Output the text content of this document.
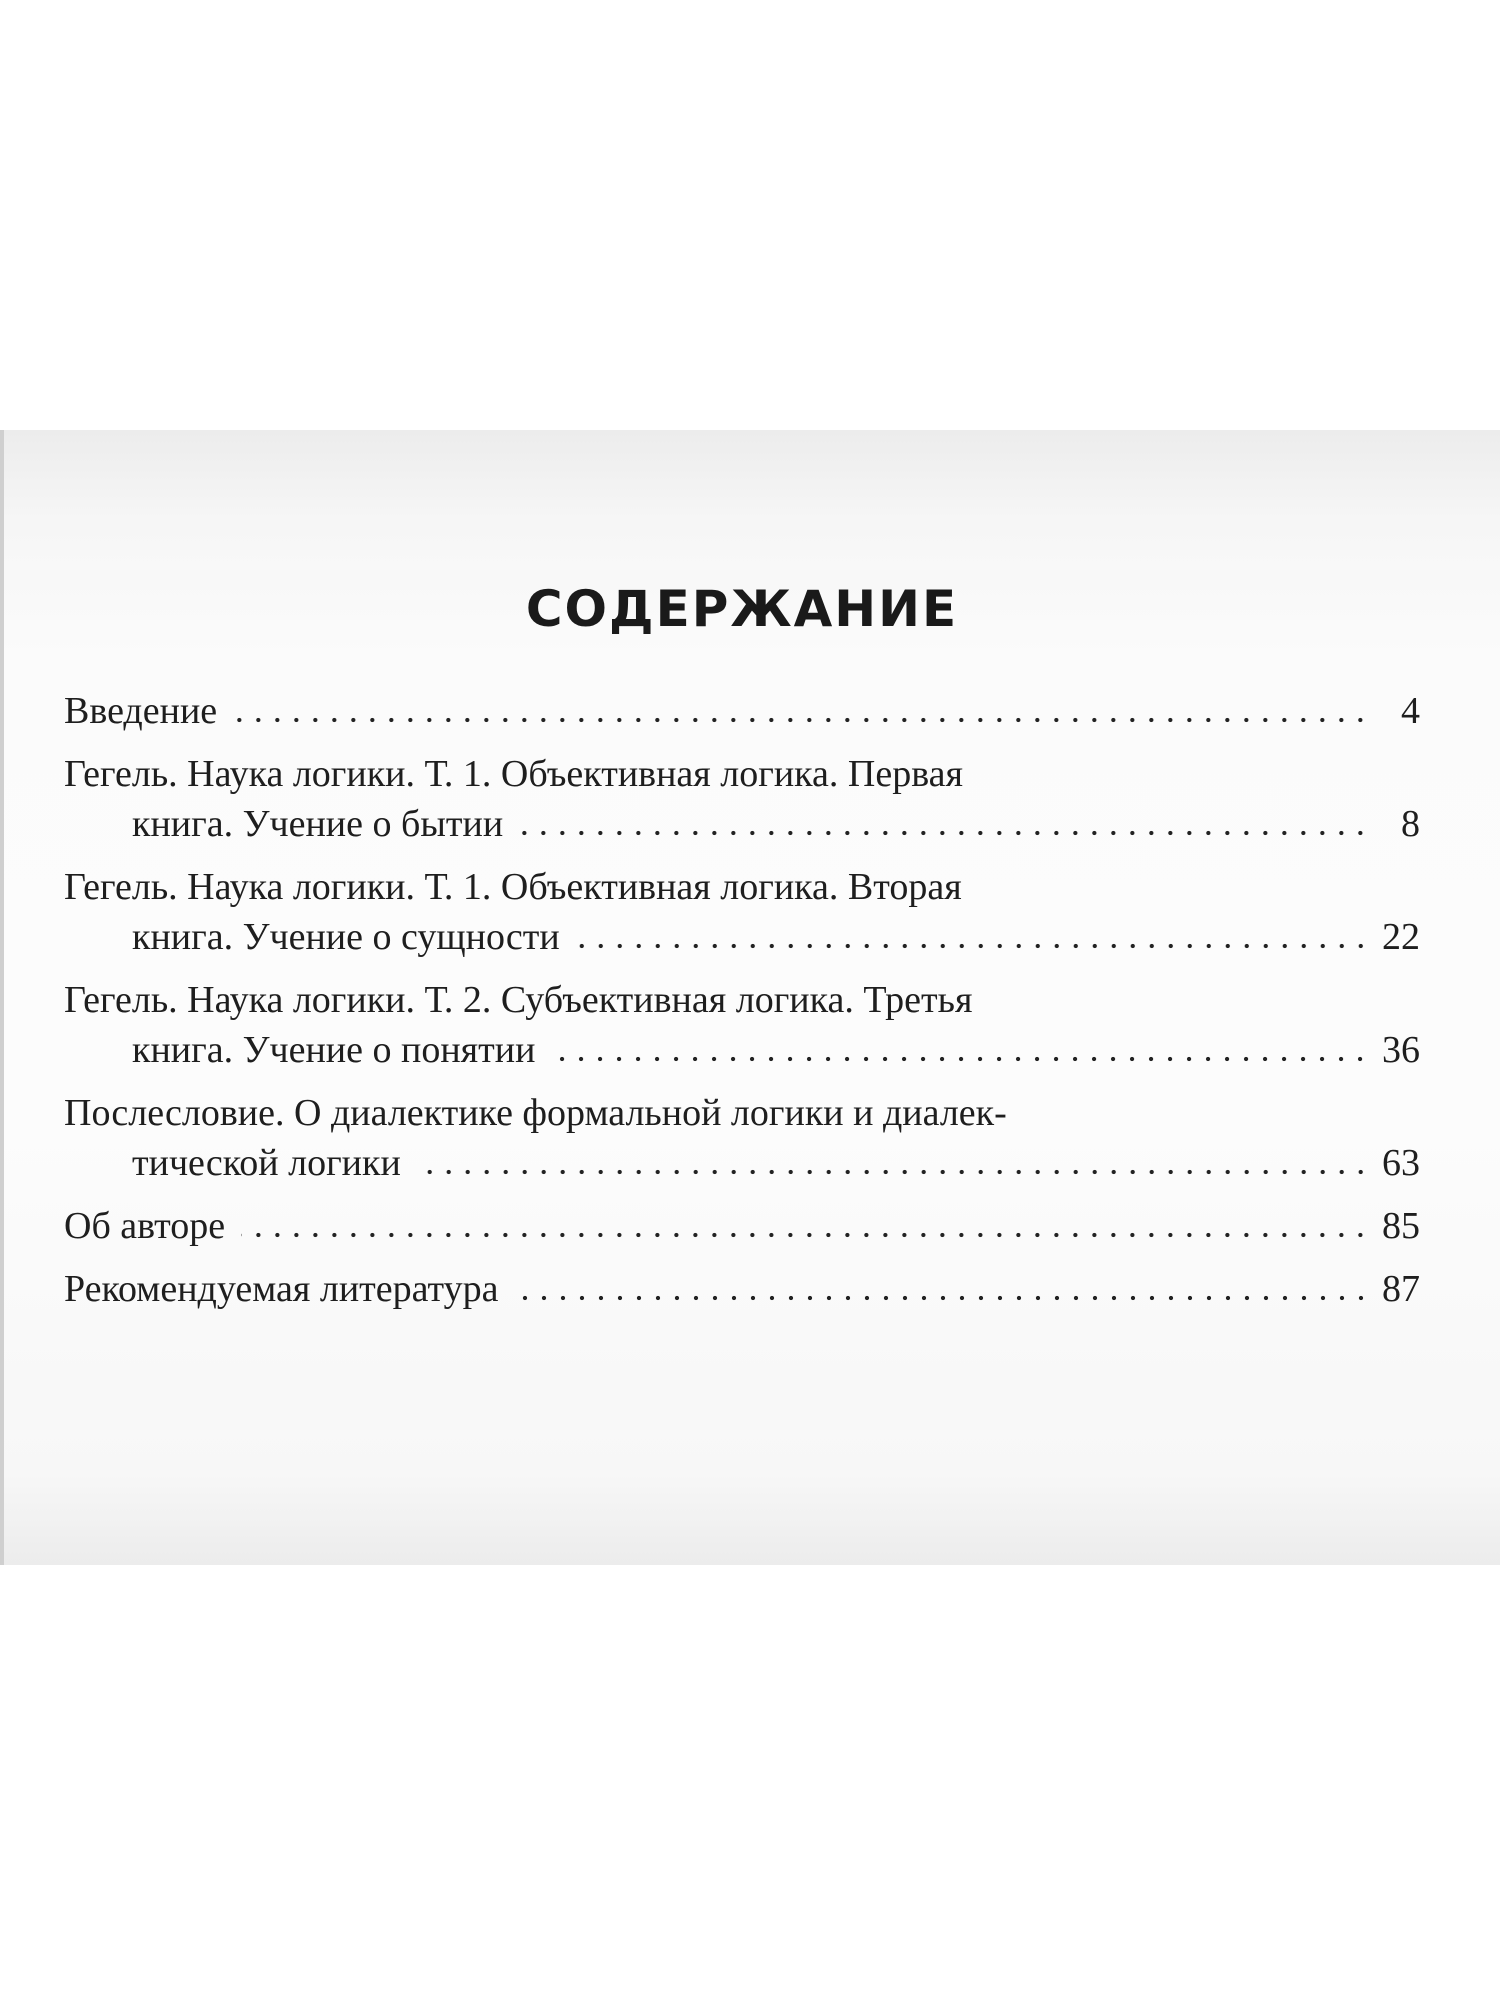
СОДЕРЖАНИЕ
Введение	4
Гегель. Наука логики. Т. 1. Объективная логика. Первая
книга. Учение о бытии	8
Гегель. Наука логики. Т. 1. Объективная логика. Вторая
книга. Учение о сущности	22
Гегель. Наука логики. Т. 2. Субъективная логика. Третья
книга. Учение о понятии	36
Послесловие. О диалектике формальной логики и диалек-
тической логики	63
Об авторе	85
Рекомендуемая литература	87
